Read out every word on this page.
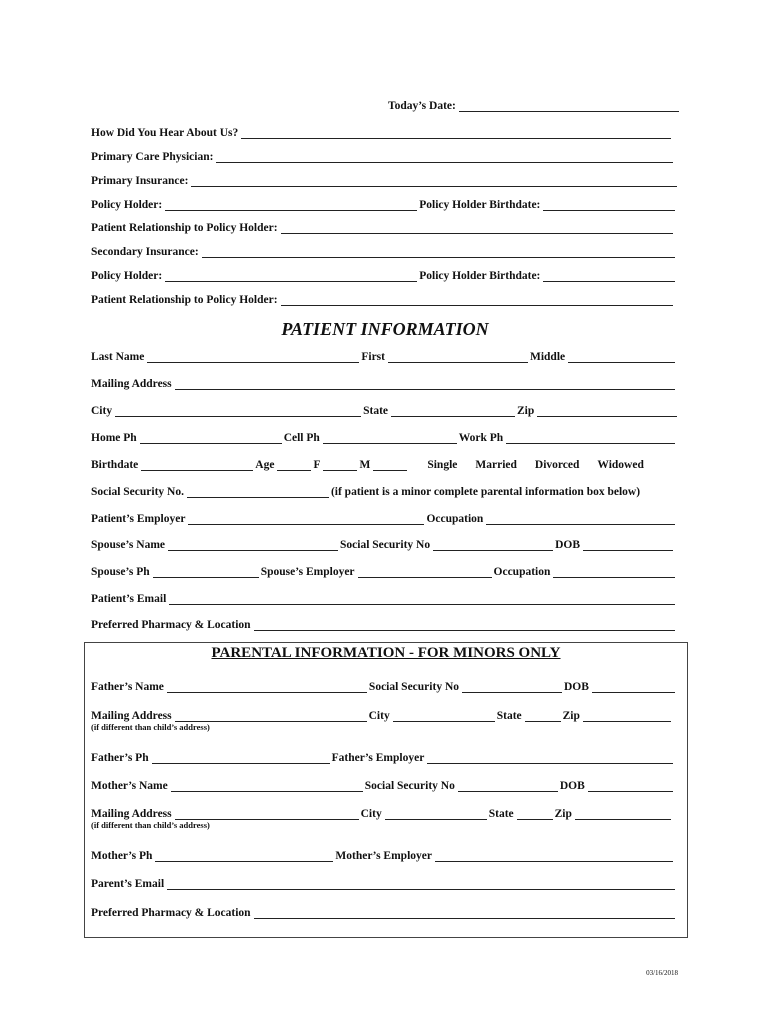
Today’s Date:
How Did You Hear About Us?
Primary Care Physician:
Primary Insurance:
Policy Holder:	Policy Holder Birthdate:
Patient Relationship to Policy Holder:
Secondary Insurance:
Policy Holder:	Policy Holder Birthdate:
Patient Relationship to Policy Holder:
PATIENT INFORMATION
Last Name	First	Middle
Mailing Address
City	State	Zip
Home Ph	Cell Ph	Work Ph
Birthdate	Age	F	M	Single Married Divorced Widowed
Social Security No.	(if patient is a minor complete parental information box below)
Patient’s Employer	Occupation
Spouse’s Name	Social Security No	DOB
Spouse’s Ph	Spouse’s Employer	Occupation
Patient’s Email
Preferred Pharmacy & Location
PARENTAL INFORMATION - FOR MINORS ONLY
Father’s Name	Social Security No	DOB
Mailing Address	City	State	Zip
(if different than child’s address)
Father’s Ph	Father’s Employer
Mother’s Name	Social Security No	DOB
Mailing Address	City	State	Zip
(if different than child’s address)
Mother’s Ph	Mother’s Employer
Parent’s Email
Preferred Pharmacy & Location
03/16/2018
